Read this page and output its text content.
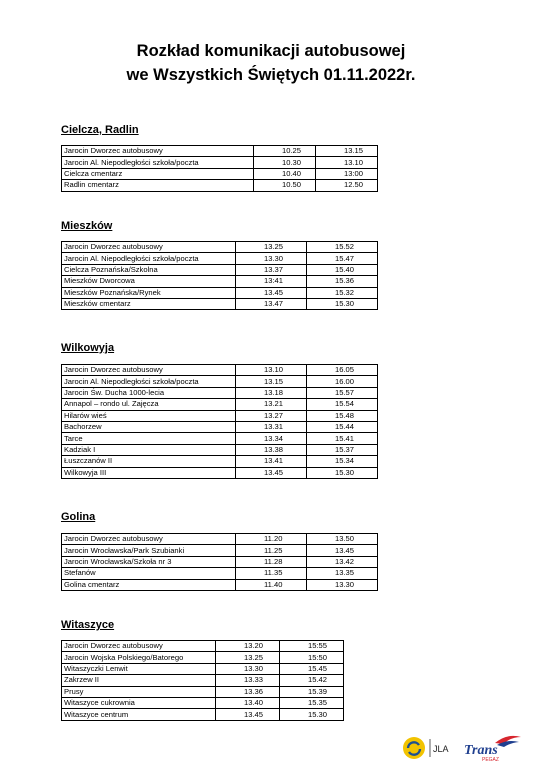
Rozkład komunikacji autobusowej
we Wszystkich Świętych 01.11.2022r.
Cielcza, Radlin
Jarocin Dworzec autobusowy	10.25	13.15
Jarocin Al. Niepodległości szkoła/poczta	10.30	13.10
Cielcza cmentarz	10.40	13:00
Radlin cmentarz	10.50	12.50
Mieszków
Jarocin Dworzec autobusowy	13.25	15.52
Jarocin Al. Niepodległości szkoła/poczta	13.30	15.47
Cielcza Poznańska/Szkolna	13.37	15.40
Mieszków Dworcowa	13:41	15.36
Mieszków Poznańska/Rynek	13.45	15.32
Mieszków cmentarz	13.47	15.30
Wilkowyja
Jarocin Dworzec autobusowy	13.10	16.05
Jarocin Al. Niepodległości szkoła/poczta	13.15	16.00
Jarocin Św. Ducha 1000-lecia	13.18	15.57
Annapol – rondo ul. Zajęcza	13.21	15.54
Hilarów wieś	13.27	15.48
Bachorzew	13.31	15.44
Tarce	13.34	15.41
Kadziak I	13.38	15.37
Łuszczanów II	13.41	15.34
Wilkowyja III	13.45	15.30
Golina
Jarocin Dworzec autobusowy	11.20	13.50
Jarocin Wrocławska/Park Szubianki	11.25	13.45
Jarocin Wrocławska/Szkoła nr 3	11.28	13.42
Stefanów	11.35	13.35
Golina cmentarz	11.40	13.30
Witaszyce
Jarocin Dworzec autobusowy	13.20	15:55
Jarocin Wojska Polskiego/Batorego	13.25	15:50
Witaszyczki Lenwit	13.30	15.45
Zakrzew II	13.33	15.42
Prusy	13.36	15.39
Witaszyce cukrownia	13.40	15.35
Witaszyce centrum	13.45	15.30
JLA Trans
PEGAZ
